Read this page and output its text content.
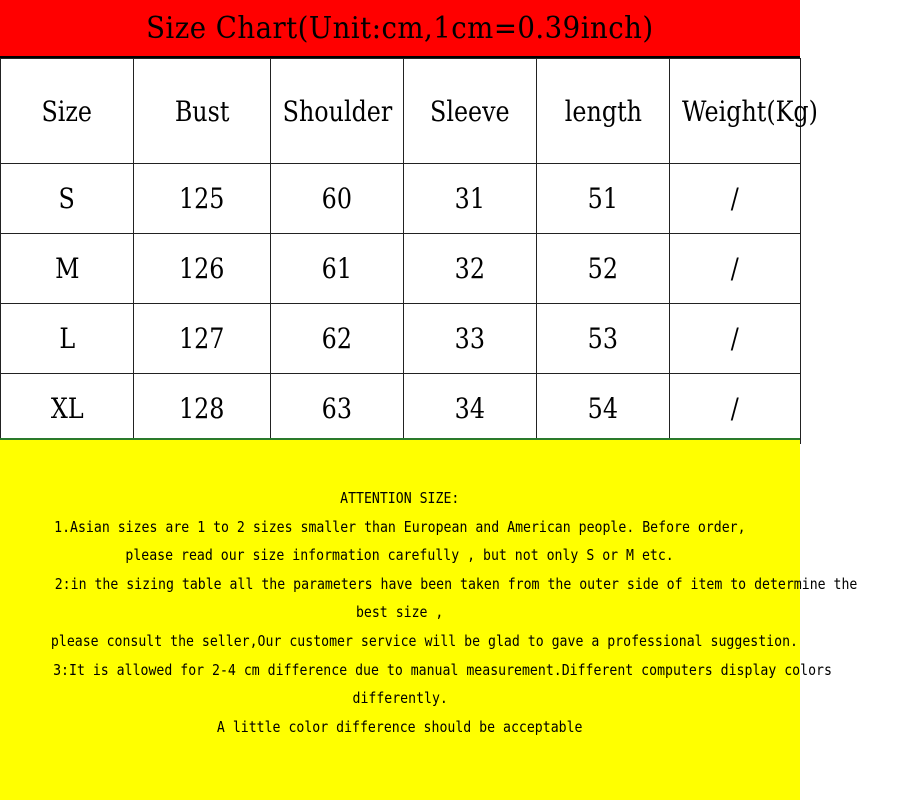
Size Chart(Unit:cm,1cm=0.39inch)
Size	Bust	Shoulder	Sleeve	length	Weight(Kg)
S	125	60	31	51	/
M	126	61	32	52	/
L	127	62	33	53	/
XL	128	63	34	54	/
ATTENTION SIZE:
1.Asian sizes are 1 to 2 sizes smaller than European and American people. Before order,
please read our size information carefully , but not only S or M etc.
2:in the sizing table all the parameters have been taken from the outer side of item to determine the
best size ,
please consult the seller,Our customer service will be glad to gave a professional suggestion.
3:It is allowed for 2-4 cm difference due to manual measurement.Different computers display colors
differently.
A little color difference should be acceptable
